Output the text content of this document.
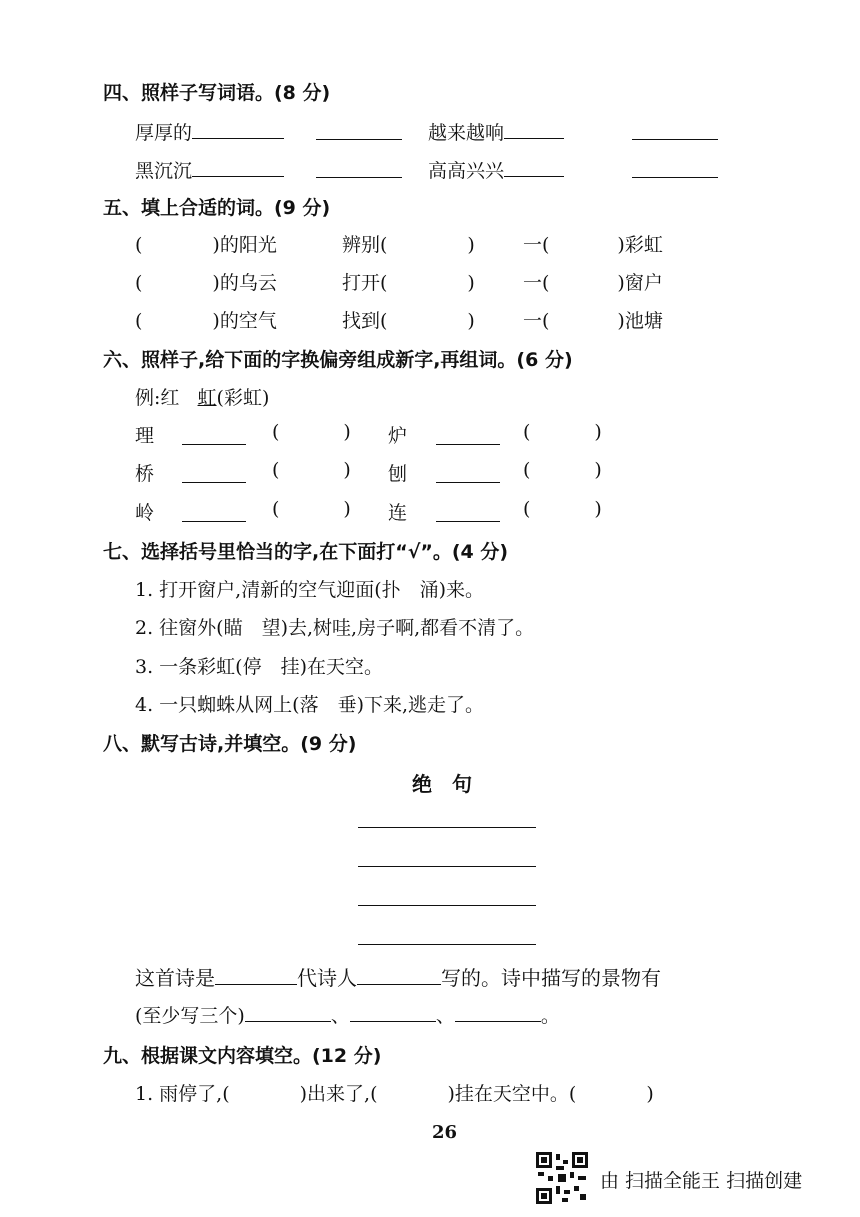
四、照样子写词语。(8 分)
厚厚的	越来越响
黑沉沉	高高兴兴
五、填上合适的词。(9 分)
(	)的阳光	辨别(	)	一(	)彩虹
(	)的乌云	打开(	)	一(	)窗户
(	)的空气	找到(	)	一(	)池塘
六、照样子,给下面的字换偏旁组成新字,再组词。(6 分)
例:红 虹(彩虹)
理	(	) 炉	(	)
桥	(	) 刨	(	)
岭	(	) 连	(	)
七、选择括号里恰当的字,在下面打“√”。(4 分)
1. 打开窗户,清新的空气迎面(扑　涌)来。
2. 往窗外(瞄　望)去,树哇,房子啊,都看不清了。
3. 一条彩虹(停　挂)在天空。
4. 一只蜘蛛从网上(落　垂)下来,逃走了。
八、默写古诗,并填空。(9 分)
绝　句
这首诗是	代诗人	写的。诗中描写的景物有
(至少写三个)	、	、	。
九、根据课文内容填空。(12 分)
1. 雨停了,(	)出来了,(	)挂在天空中。(	)
26
由 扫描全能王 扫描创建
